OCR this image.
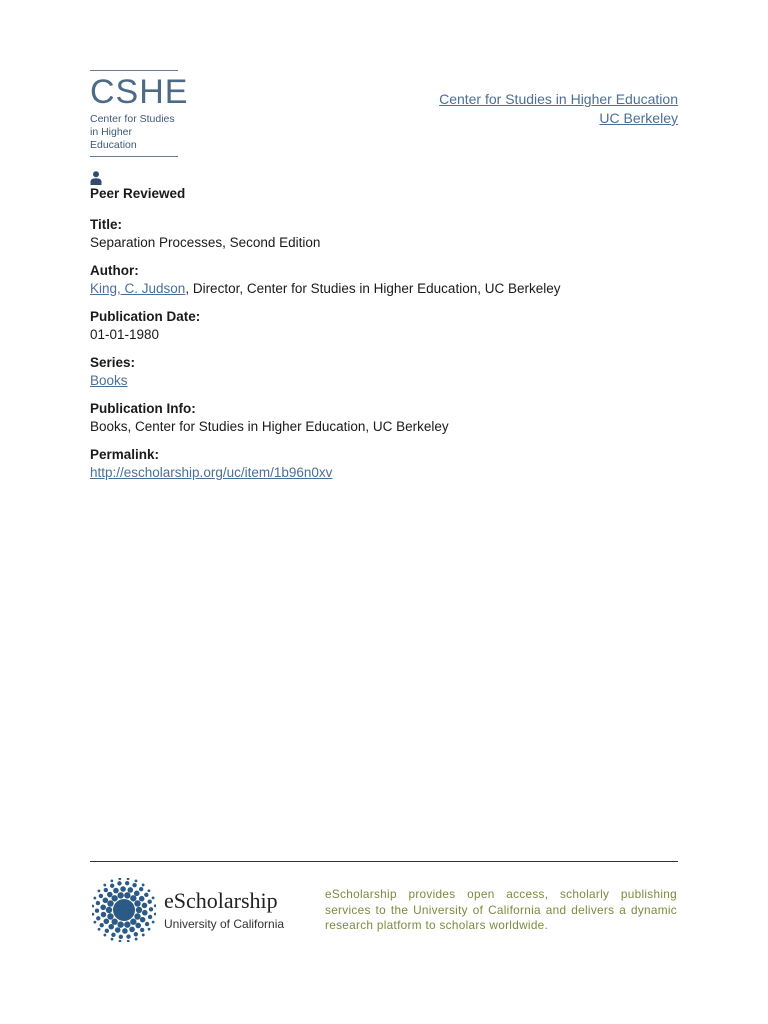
CSHE
Center for Studies
in Higher Education
Center for Studies in Higher Education
UC Berkeley
Peer Reviewed
Title:
Separation Processes, Second Edition
Author:
King, C. Judson, Director, Center for Studies in Higher Education, UC Berkeley
Publication Date:
01-01-1980
Series:
Books
Publication Info:
Books, Center for Studies in Higher Education, UC Berkeley
Permalink:
http://escholarship.org/uc/item/1b96n0xv
eScholarship
University of California
eScholarship provides open access, scholarly publishing services to the University of California and delivers a dynamic research platform to scholars worldwide.
